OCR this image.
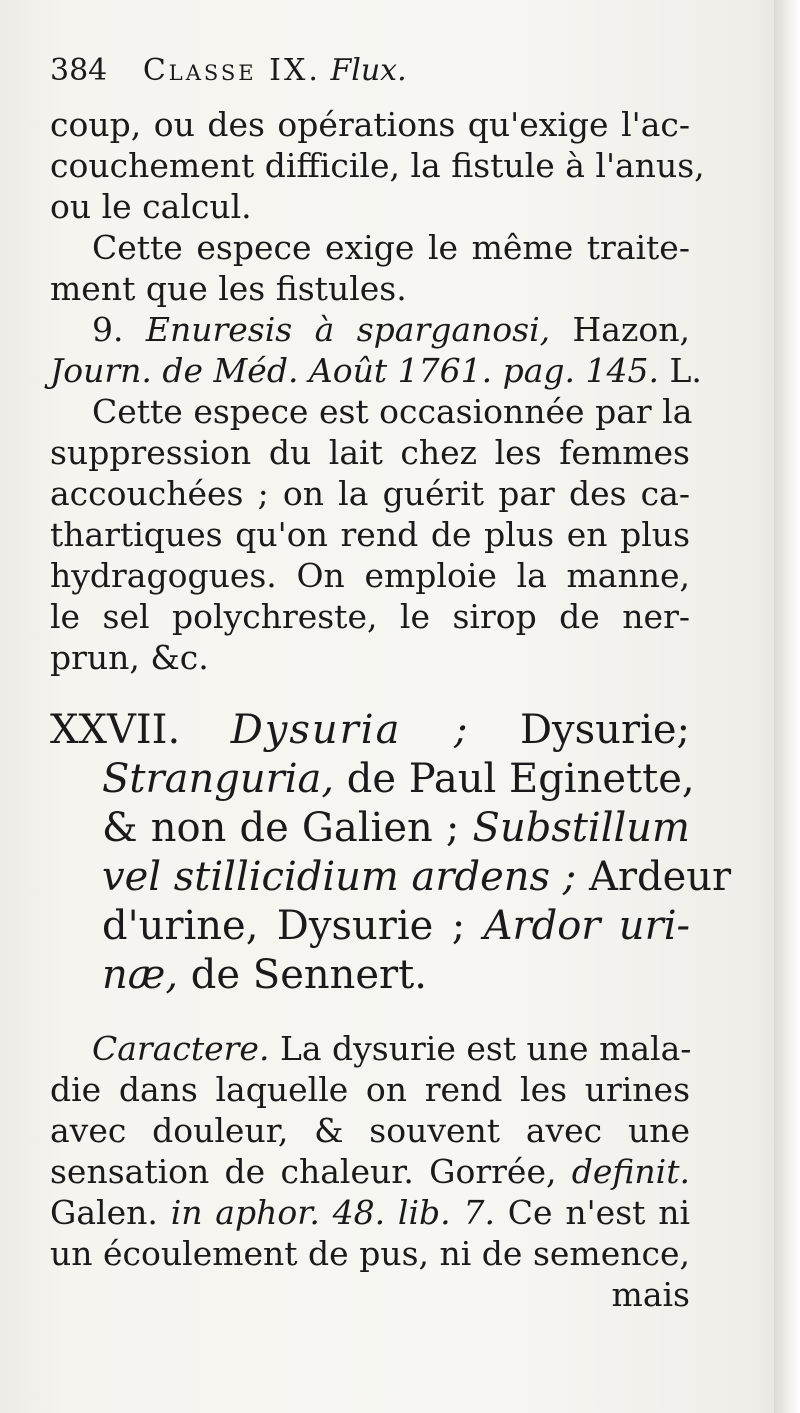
384 Classe IX. Flux.

coup, ou des opérations qu'exige l'ac-

couchement difficile, la fistule à l'anus,

ou le calcul.

Cette espece exige le même traite-

ment que les fistules.

9. Enuresis à sparganosi, Hazon,

Journ. de Méd. Août 1761. pag. 145. L.

Cette espece est occasionnée par la

suppression du lait chez les femmes

accouchées ; on la guérit par des ca-

thartiques qu'on rend de plus en plus

hydragogues. On emploie la manne,

le sel polychreste, le sirop de ner-

prun, &c.

XXVII. Dysuria ; Dysurie;

Stranguria, de Paul Eginette,

& non de Galien ; Substillum

vel stillicidium ardens ; Ardeur

d'urine, Dysurie ; Ardor uri-

næ, de Sennert.

Caractere. La dysurie est une mala-

die dans laquelle on rend les urines

avec douleur, & souvent avec une

sensation de chaleur. Gorrée, definit.

Galen. in aphor. 48. lib. 7. Ce n'est ni

un écoulement de pus, ni de semence,

mais
